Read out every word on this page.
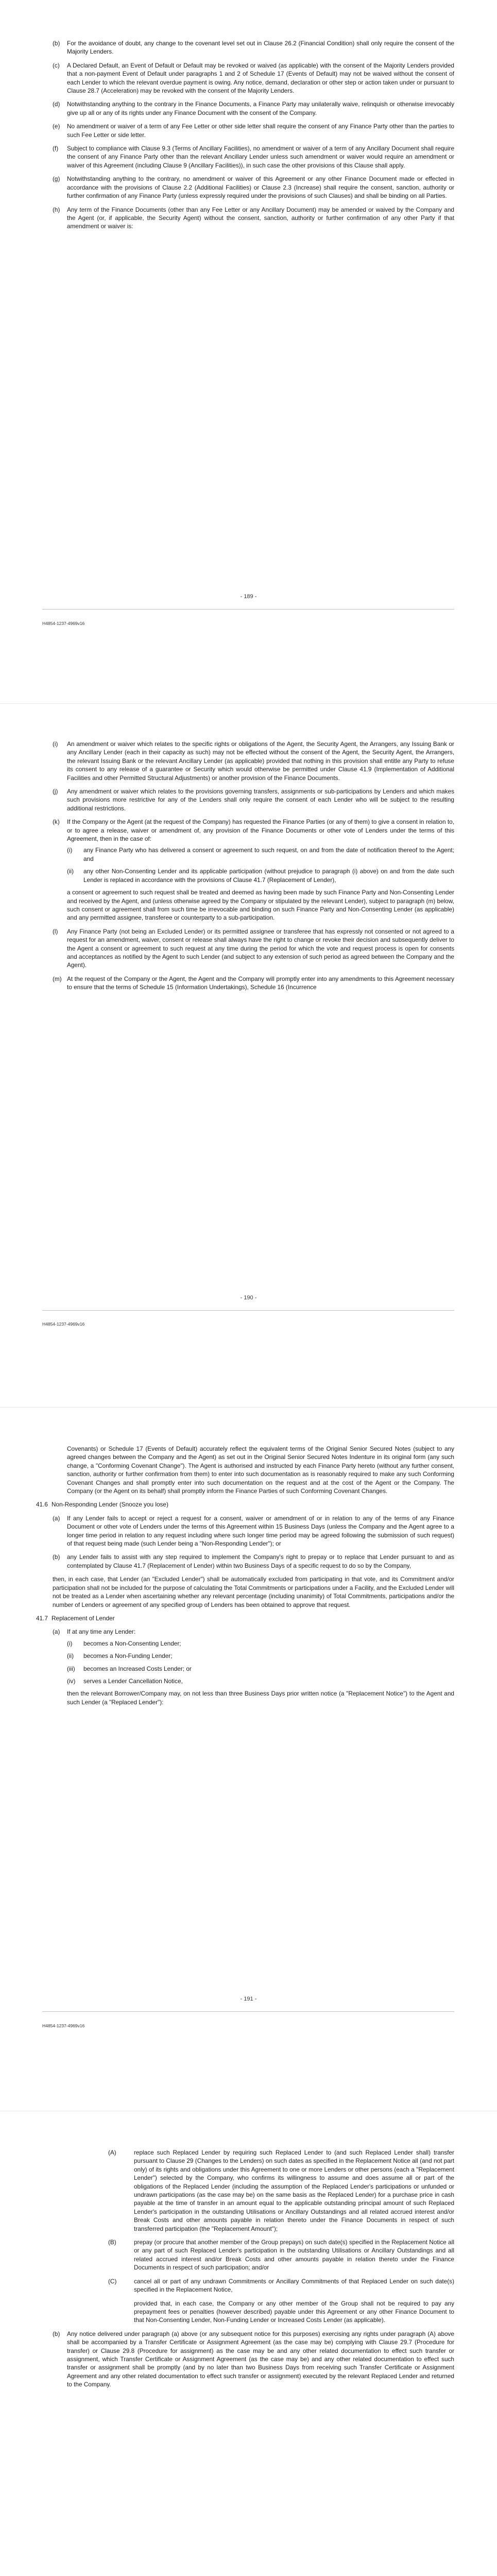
(b) For the avoidance of doubt, any change to the covenant level set out in Clause 26.2 (Financial Condition) shall only require the consent of the Majority Lenders.
(c) A Declared Default, an Event of Default or Default may be revoked or waived (as applicable) with the consent of the Majority Lenders provided that a non-payment Event of Default under paragraphs 1 and 2 of Schedule 17 (Events of Default) may not be waived without the consent of each Lender to which the relevant overdue payment is owing. Any notice, demand, declaration or other step or action taken under or pursuant to Clause 28.7 (Acceleration) may be revoked with the consent of the Majority Lenders.
(d) Notwithstanding anything to the contrary in the Finance Documents, a Finance Party may unilaterally waive, relinquish or otherwise irrevocably give up all or any of its rights under any Finance Document with the consent of the Company.
(e) No amendment or waiver of a term of any Fee Letter or other side letter shall require the consent of any Finance Party other than the parties to such Fee Letter or side letter.
(f) Subject to compliance with Clause 9.3 (Terms of Ancillary Facilities), no amendment or waiver of a term of any Ancillary Document shall require the consent of any Finance Party other than the relevant Ancillary Lender unless such amendment or waiver would require an amendment or waiver of this Agreement (including Clause 9 (Ancillary Facilities)), in such case the other provisions of this Clause shall apply.
(g) Notwithstanding anything to the contrary, no amendment or waiver of this Agreement or any other Finance Document made or effected in accordance with the provisions of Clause 2.2 (Additional Facilities) or Clause 2.3 (Increase) shall require the consent, sanction, authority or further confirmation of any Finance Party (unless expressly required under the provisions of such Clauses) and shall be binding on all Parties.
(h) Any term of the Finance Documents (other than any Fee Letter or any Ancillary Document) may be amended or waived by the Company and the Agent (or, if applicable, the Security Agent) without the consent, sanction, authority or further confirmation of any other Party if that amendment or waiver is:
- 189 -
H4854-1237-4969v16
(i) An amendment or waiver which relates to the specific rights or obligations of the Agent, the Security Agent, the Arrangers, any Issuing Bank or any Ancillary Lender (each in their capacity as such) may not be effected without the consent of the Agent, the Security Agent, the Arrangers, the relevant Issuing Bank or the relevant Ancillary Lender (as applicable) provided that nothing in this provision shall entitle any Party to refuse its consent to any release of a guarantee or Security which would otherwise be permitted under Clause 41.9 (Implementation of Additional Facilities and other Permitted Structural Adjustments) or another provision of the Finance Documents.
(j) Any amendment or waiver which relates to the provisions governing transfers, assignments or sub-participations by Lenders and which makes such provisions more restrictive for any of the Lenders shall only require the consent of each Lender who will be subject to the resulting additional restrictions.
(k) If the Company or the Agent (at the request of the Company) has requested the Finance Parties (or any of them) to give a consent in relation to, or to agree a release, waiver or amendment of, any provision of the Finance Documents or other vote of Lenders under the terms of this Agreement, then in the case of:
(i) any Finance Party who has delivered a consent or agreement to such request, on and from the date of notification thereof to the Agent; and
(ii) any other Non-Consenting Lender and its applicable participation (without prejudice to paragraph (i) above) on and from the date such Lender is replaced in accordance with the provisions of Clause 41.7 (Replacement of Lender),
a consent or agreement to such request shall be treated and deemed as having been made by such Finance Party and Non-Consenting Lender and received by the Agent, and (unless otherwise agreed by the Company or stipulated by the relevant Lender), subject to paragraph (m) below, such consent or agreement shall from such time be irrevocable and binding on such Finance Party and Non-Consenting Lender (as applicable) and any permitted assignee, transferee or counterparty to a sub-participation.
(l) Any Finance Party (not being an Excluded Lender) or its permitted assignee or transferee that has expressly not consented or not agreed to a request for an amendment, waiver, consent or release shall always have the right to change or revoke their decision and subsequently deliver to the Agent a consent or agreement to such request at any time during the period for which the vote and request process is open for consents and acceptances as notified by the Agent to such Lender (and subject to any extension of such period as agreed between the Company and the Agent).
(m) At the request of the Company or the Agent, the Agent and the Company will promptly enter into any amendments to this Agreement necessary to ensure that the terms of Schedule 15 (Information Undertakings), Schedule 16 (Incurrence
- 190 -
H4854-1237-4969v16
Covenants) or Schedule 17 (Events of Default) accurately reflect the equivalent terms of the Original Senior Secured Notes (subject to any agreed changes between the Company and the Agent) as set out in the Original Senior Secured Notes Indenture in its original form (any such change, a "Conforming Covenant Change"). The Agent is authorised and instructed by each Finance Party hereto (without any further consent, sanction, authority or further confirmation from them) to enter into such documentation as is reasonably required to make any such Conforming Covenant Changes and shall promptly enter into such documentation on the request and at the cost of the Agent or the Company. The Company (or the Agent on its behalf) shall promptly inform the Finance Parties of such Conforming Covenant Changes.
41.6 Non-Responding Lender (Snooze you lose)
(a) If any Lender fails to accept or reject a request for a consent, waiver or amendment of or in relation to any of the terms of any Finance Document or other vote of Lenders under the terms of this Agreement within 15 Business Days (unless the Company and the Agent agree to a longer time period in relation to any request including where such longer time period may be agreed following the submission of such request) of that request being made (such Lender being a "Non-Responding Lender"); or
(b) any Lender fails to assist with any step required to implement the Company's right to prepay or to replace that Lender pursuant to and as contemplated by Clause 41.7 (Replacement of Lender) within two Business Days of a specific request to do so by the Company,
then, in each case, that Lender (an "Excluded Lender") shall be automatically excluded from participating in that vote, and its Commitment and/or participation shall not be included for the purpose of calculating the Total Commitments or participations under a Facility, and the Excluded Lender will not be treated as a Lender when ascertaining whether any relevant percentage (including unanimity) of Total Commitments, participations and/or the number of Lenders or agreement of any specified group of Lenders has been obtained to approve that request.
41.7 Replacement of Lender
(a) If at any time any Lender:
(i) becomes a Non-Consenting Lender;
(ii) becomes a Non-Funding Lender;
(iii) becomes an Increased Costs Lender; or
(iv) serves a Lender Cancellation Notice,
then the relevant Borrower/Company may, on not less than three Business Days prior written notice (a "Replacement Notice") to the Agent and such Lender (a "Replaced Lender"):
- 191 -
H4854-1237-4969v16
(A)	replace such Replaced Lender by requiring such Replaced Lender to (and such Replaced Lender shall) transfer pursuant to Clause 29 (Changes to the Lenders) on such dates as specified in the Replacement Notice all (and not part only) of its rights and obligations under this Agreement to one or more Lenders or other persons (each a "Replacement Lender") selected by the Company, who confirms its willingness to assume and does assume all or part of the obligations of the Replaced Lender (including the assumption of the Replaced Lender's participations or unfunded or undrawn participations (as the case may be) on the same basis as the Replaced Lender) for a purchase price in cash payable at the time of transfer in an amount equal to the applicable outstanding principal amount of such Replaced Lender's participation in the outstanding Utilisations or Ancillary Outstandings and all related accrued interest and/or Break Costs and other amounts payable in relation thereto under the Finance Documents in respect of such transferred participation (the "Replacement Amount");
(B)	prepay (or procure that another member of the Group prepays) on such date(s) specified in the Replacement Notice all or any part of such Replaced Lender's participation in the outstanding Utilisations or Ancillary Outstandings and all related accrued interest and/or Break Costs and other amounts payable in relation thereto under the Finance Documents in respect of such participation; and/or
(C)	cancel all or part of any undrawn Commitments or Ancillary Commitments of that Replaced Lender on such date(s) specified in the Replacement Notice,
provided that, in each case, the Company or any other member of the Group shall not be required to pay any prepayment fees or penalties (however described) payable under this Agreement or any other Finance Document to that Non-Consenting Lender, Non-Funding Lender or Increased Costs Lender (as applicable).
(b) Any notice delivered under paragraph (a) above (or any subsequent notice for this purposes) exercising any rights under paragraph (A) above shall be accompanied by a Transfer Certificate or Assignment Agreement (as the case may be) complying with Clause 29.7 (Procedure for transfer) or Clause 29.8 (Procedure for assignment) as the case may be and any other related documentation to effect such transfer or assignment, which Transfer Certificate or Assignment Agreement (as the case may be) and any other related documentation to effect such transfer or assignment shall be promptly (and by no later than two Business Days from receiving such Transfer Certificate or Assignment Agreement and any other related documentation to effect such transfer or assignment) executed by the relevant Replaced Lender and returned to the Company.
